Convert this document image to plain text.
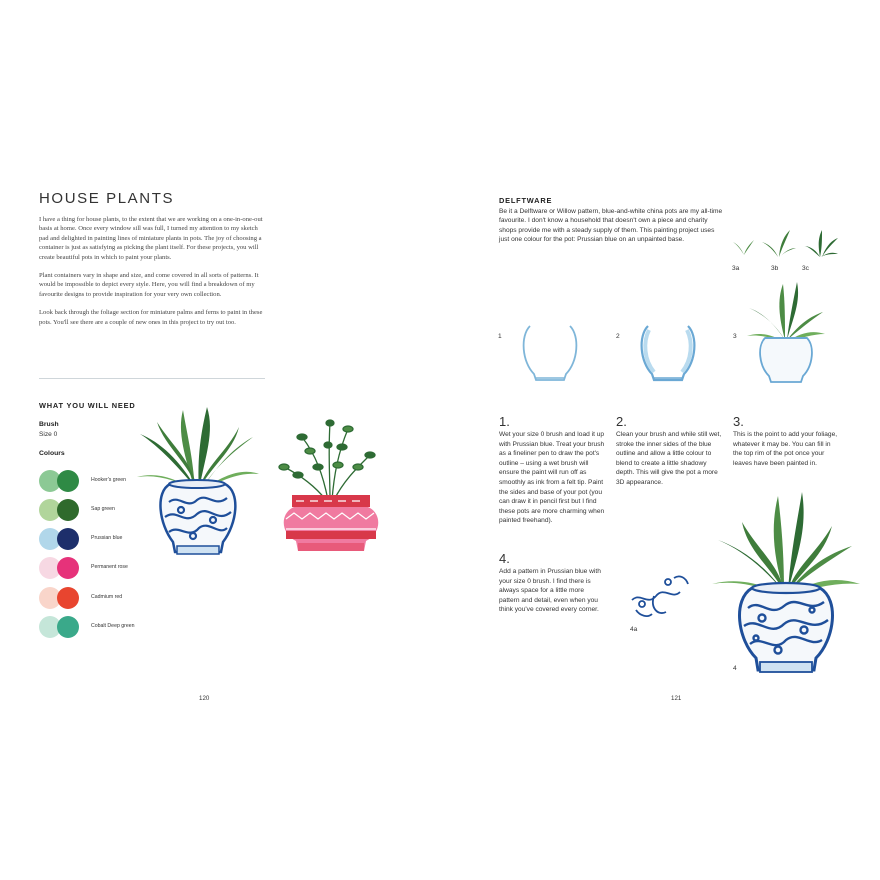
HOUSE PLANTS

I have a thing for house plants, to the extent that we are working on a one-in-one-out basis at home. Once every window sill was full, I turned my attention to my sketch pad and delighted in painting lines of miniature plants in pots. The joy of choosing a container is just as satisfying as picking the plant itself. For these projects, you will create beautiful pots in which to paint your plants.

Plant containers vary in shape and size, and come covered in all sorts of patterns. It would be impossible to depict every style. Here, you will find a breakdown of my favourite designs to provide inspiration for your very own collection.

Look back through the foliage section for miniature palms and ferns to paint in these pots. You'll see there are a couple of new ones in this project to try out too.

WHAT YOU WILL NEED
Brush
Size 0
Colours
Hooker's green
Sap green
Prussian blue
Permanent rose
Cadmium red
Cobalt Deep green
120
DELFTWARE
Be it a Delftware or Willow pattern, blue-and-white china pots are my all-time favourite. I don't know a household that doesn't own a piece and charity shops provide me with a steady supply of them. This painting project uses just one colour for the pot: Prussian blue on an unpainted base.
3a	3b	3c
1	2	3
1.
Wet your size 0 brush and load it up with Prussian blue. Treat your brush as a fineliner pen to draw the pot's outline – using a wet brush will ensure the paint will run off as smoothly as ink from a felt tip. Paint the sides and base of your pot (you can draw it in pencil first but I find these pots are more charming when painted freehand).
2.
Clean your brush and while still wet, stroke the inner sides of the blue outline and allow a little colour to blend to create a little shadowy depth. This will give the pot a more 3D appearance.
3.
This is the point to add your foliage, whatever it may be. You can fill in the top rim of the pot once your leaves have been painted in.
4.
Add a pattern in Prussian blue with your size 0 brush. I find there is always space for a little more pattern and detail, even when you think you've covered every corner.
4a
4
121
